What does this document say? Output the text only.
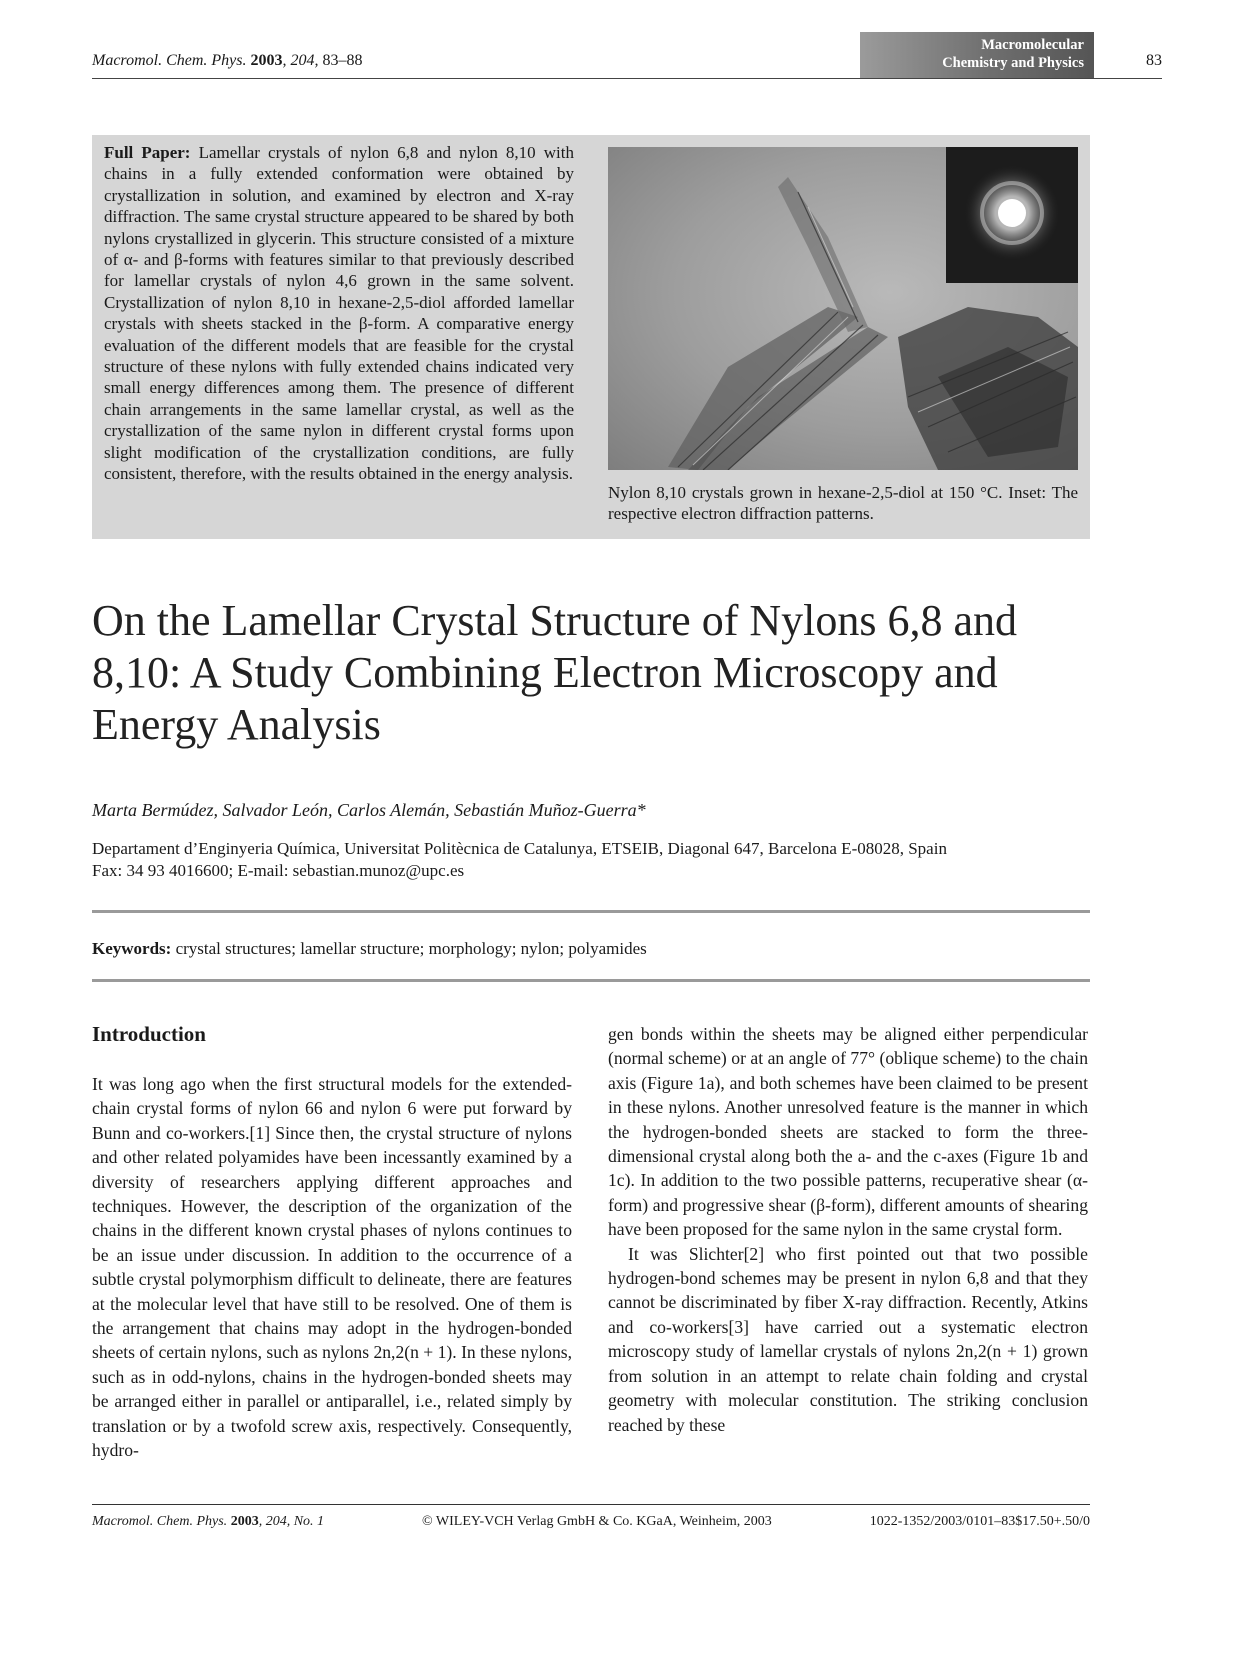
Macromol. Chem. Phys. 2003, 204, 83–88
Macromolecular
Chemistry and Physics	83
Full Paper: Lamellar crystals of nylon 6,8 and nylon 8,10 with chains in a fully extended conformation were obtained by crystallization in solution, and examined by electron and X-ray diffraction. The same crystal structure appeared to be shared by both nylons crystallized in glycerin. This structure consisted of a mixture of α- and β-forms with features similar to that previously described for lamellar crystals of nylon 4,6 grown in the same solvent. Crystallization of nylon 8,10 in hexane-2,5-diol afforded lamellar crystals with sheets stacked in the β-form. A comparative energy evaluation of the different models that are feasible for the crystal structure of these nylons with fully extended chains indicated very small energy differences among them. The presence of different chain arrangements in the same lamellar crystal, as well as the crystallization of the same nylon in different crystal forms upon slight modification of the crystallization conditions, are fully consistent, therefore, with the results obtained in the energy analysis.
Nylon 8,10 crystals grown in hexane-2,5-diol at 150 °C. Inset: The respective electron diffraction patterns.
On the Lamellar Crystal Structure of Nylons 6,8 and 8,10: A Study Combining Electron Microscopy and Energy Analysis
Marta Bermúdez, Salvador León, Carlos Alemán, Sebastián Muñoz-Guerra*
Departament d’Enginyeria Química, Universitat Politècnica de Catalunya, ETSEIB, Diagonal 647, Barcelona E-08028, Spain
Fax: 34 93 4016600; E-mail: sebastian.munoz@upc.es
Keywords: crystal structures; lamellar structure; morphology; nylon; polyamides
Introduction

It was long ago when the first structural models for the extended-chain crystal forms of nylon 66 and nylon 6 were put forward by Bunn and co-workers.[1] Since then, the crystal structure of nylons and other related polyamides have been incessantly examined by a diversity of researchers applying different approaches and techniques. However, the description of the organization of the chains in the different known crystal phases of nylons continues to be an issue under discussion. In addition to the occurrence of a subtle crystal polymorphism difficult to delineate, there are features at the molecular level that have still to be resolved. One of them is the arrangement that chains may adopt in the hydrogen-bonded sheets of certain nylons, such as nylons 2n,2(n + 1). In these nylons, such as in odd-nylons, chains in the hydrogen-bonded sheets may be arranged either in parallel or antiparallel, i.e., related simply by translation or by a twofold screw axis, respectively. Consequently, hydro-

gen bonds within the sheets may be aligned either perpendicular (normal scheme) or at an angle of 77° (oblique scheme) to the chain axis (Figure 1a), and both schemes have been claimed to be present in these nylons. Another unresolved feature is the manner in which the hydrogen-bonded sheets are stacked to form the three-dimensional crystal along both the a- and the c-axes (Figure 1b and 1c). In addition to the two possible patterns, recuperative shear (α-form) and progressive shear (β-form), different amounts of shearing have been proposed for the same nylon in the same crystal form.

It was Slichter[2] who first pointed out that two possible hydrogen-bond schemes may be present in nylon 6,8 and that they cannot be discriminated by fiber X-ray diffraction. Recently, Atkins and co-workers[3] have carried out a systematic electron microscopy study of lamellar crystals of nylons 2n,2(n + 1) grown from solution in an attempt to relate chain folding and crystal geometry with molecular constitution. The striking conclusion reached by these

Macromol. Chem. Phys. 2003, 204, No. 1	© WILEY-VCH Verlag GmbH & Co. KGaA, Weinheim, 2003	1022-1352/2003/0101–83$17.50+.50/0
